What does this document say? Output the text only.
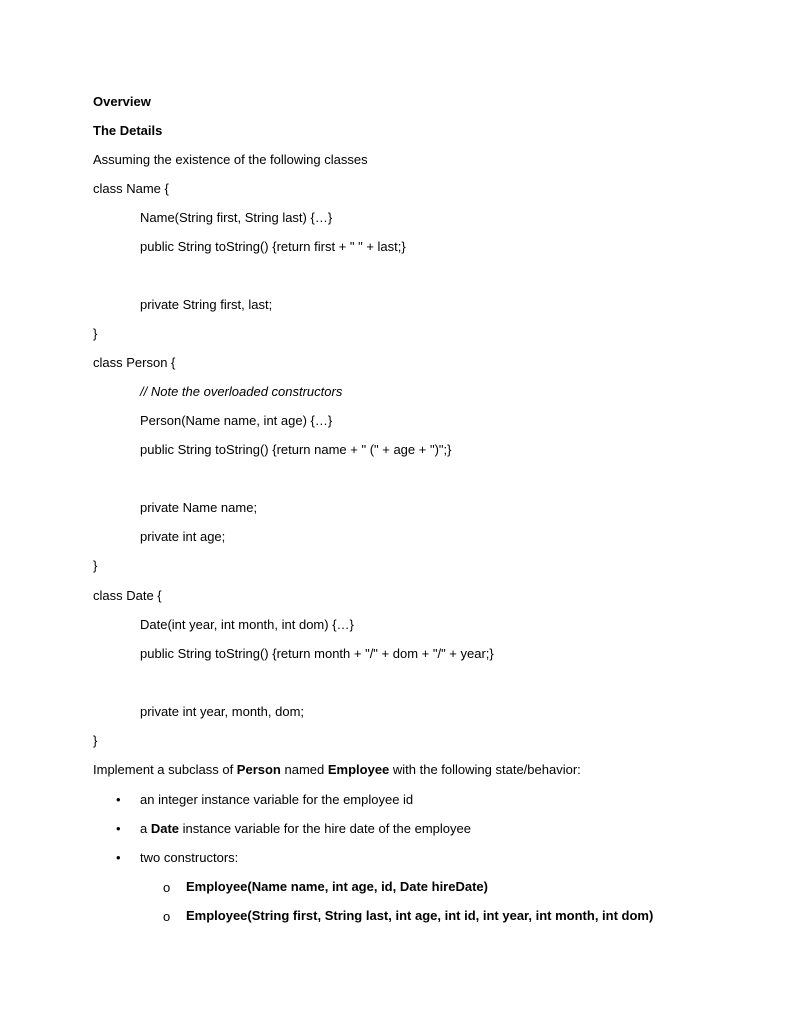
Overview
The Details
Assuming the existence of the following classes
class Name {
Name(String first, String last) {…}
public String toString() {return first + " " + last;}
private String first, last;
}
class Person {
// Note the overloaded constructors
Person(Name name, int age) {…}
public String toString() {return name + " (" + age + ")";}
private Name name;
private int age;
}
class Date {
Date(int year, int month, int dom) {…}
public String toString() {return month + "/" + dom + "/" + year;}
private int year, month, dom;
}
Implement a subclass of Person named Employee with the following state/behavior:
• an integer instance variable for the employee id
• a Date instance variable for the hire date of the employee
• two constructors:
o Employee(Name name, int age, id, Date hireDate)
o Employee(String first, String last, int age, int id, int year, int month, int dom)
